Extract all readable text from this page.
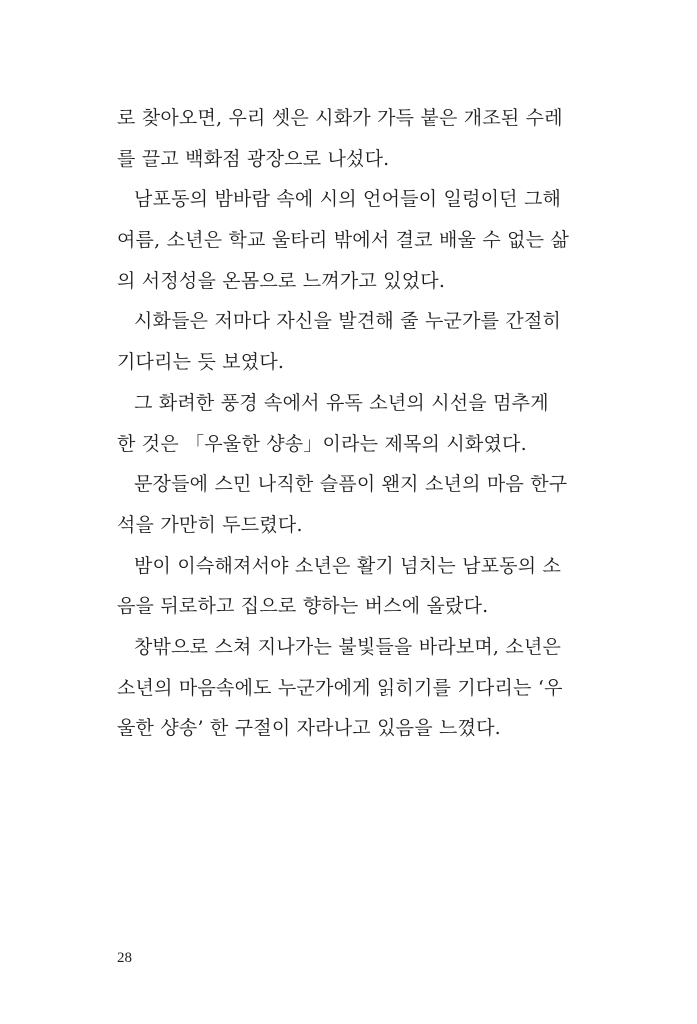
로 찾아오면, 우리 셋은 시화가 가득 붙은 개조된 수레
를 끌고 백화점 광장으로 나섰다.
남포동의 밤바람 속에 시의 언어들이 일렁이던 그해
여름, 소년은 학교 울타리 밖에서 결코 배울 수 없는 삶
의 서정성을 온몸으로 느껴가고 있었다.
시화들은 저마다 자신을 발견해 줄 누군가를 간절히
기다리는 듯 보였다.
그 화려한 풍경 속에서 유독 소년의 시선을 멈추게
한 것은 「우울한 샹송」이라는 제목의 시화였다.
문장들에 스민 나직한 슬픔이 왠지 소년의 마음 한구
석을 가만히 두드렸다.
밤이 이슥해져서야 소년은 활기 넘치는 남포동의 소
음을 뒤로하고 집으로 향하는 버스에 올랐다.
창밖으로 스쳐 지나가는 불빛들을 바라보며, 소년은
소년의 마음속에도 누군가에게 읽히기를 기다리는 ‘우
울한 샹송’ 한 구절이 자라나고 있음을 느꼈다.
28
